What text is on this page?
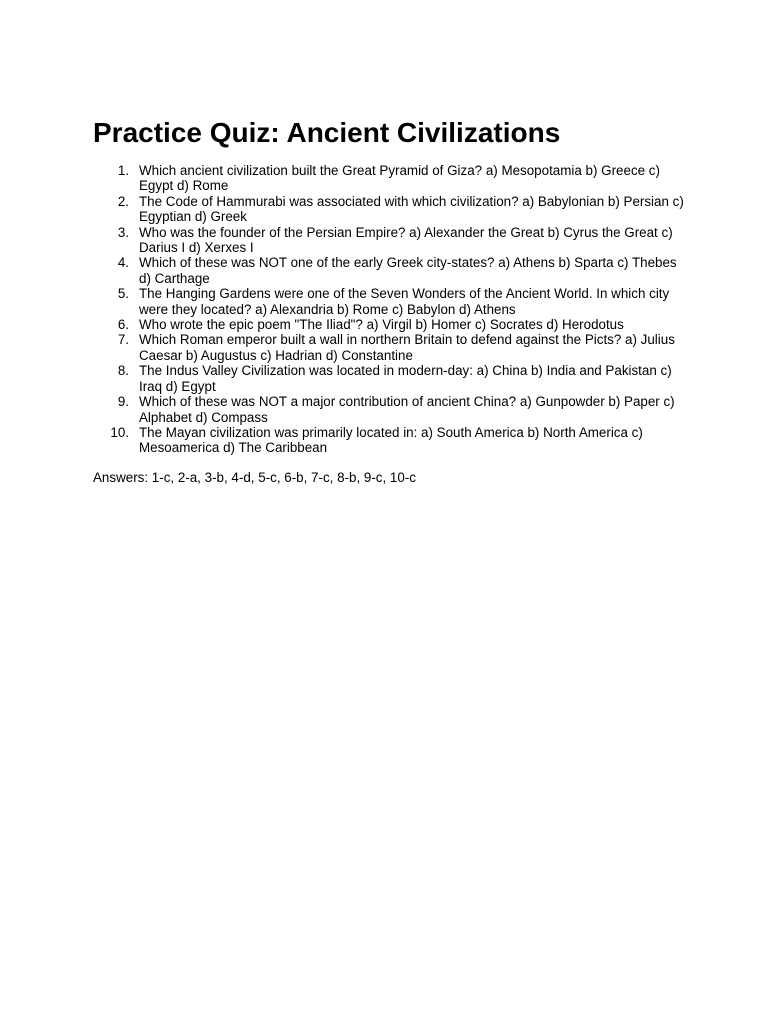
Practice Quiz: Ancient Civilizations
1. Which ancient civilization built the Great Pyramid of Giza? a) Mesopotamia b) Greece c) Egypt d) Rome
2. The Code of Hammurabi was associated with which civilization? a) Babylonian b) Persian c) Egyptian d) Greek
3. Who was the founder of the Persian Empire? a) Alexander the Great b) Cyrus the Great c) Darius I d) Xerxes I
4. Which of these was NOT one of the early Greek city-states? a) Athens b) Sparta c) Thebes d) Carthage
5. The Hanging Gardens were one of the Seven Wonders of the Ancient World. In which city were they located? a) Alexandria b) Rome c) Babylon d) Athens
6. Who wrote the epic poem "The Iliad"? a) Virgil b) Homer c) Socrates d) Herodotus
7. Which Roman emperor built a wall in northern Britain to defend against the Picts? a) Julius Caesar b) Augustus c) Hadrian d) Constantine
8. The Indus Valley Civilization was located in modern-day: a) China b) India and Pakistan c) Iraq d) Egypt
9. Which of these was NOT a major contribution of ancient China? a) Gunpowder b) Paper c) Alphabet d) Compass
10. The Mayan civilization was primarily located in: a) South America b) North America c) Mesoamerica d) The Caribbean

Answers: 1-c, 2-a, 3-b, 4-d, 5-c, 6-b, 7-c, 8-b, 9-c, 10-c
